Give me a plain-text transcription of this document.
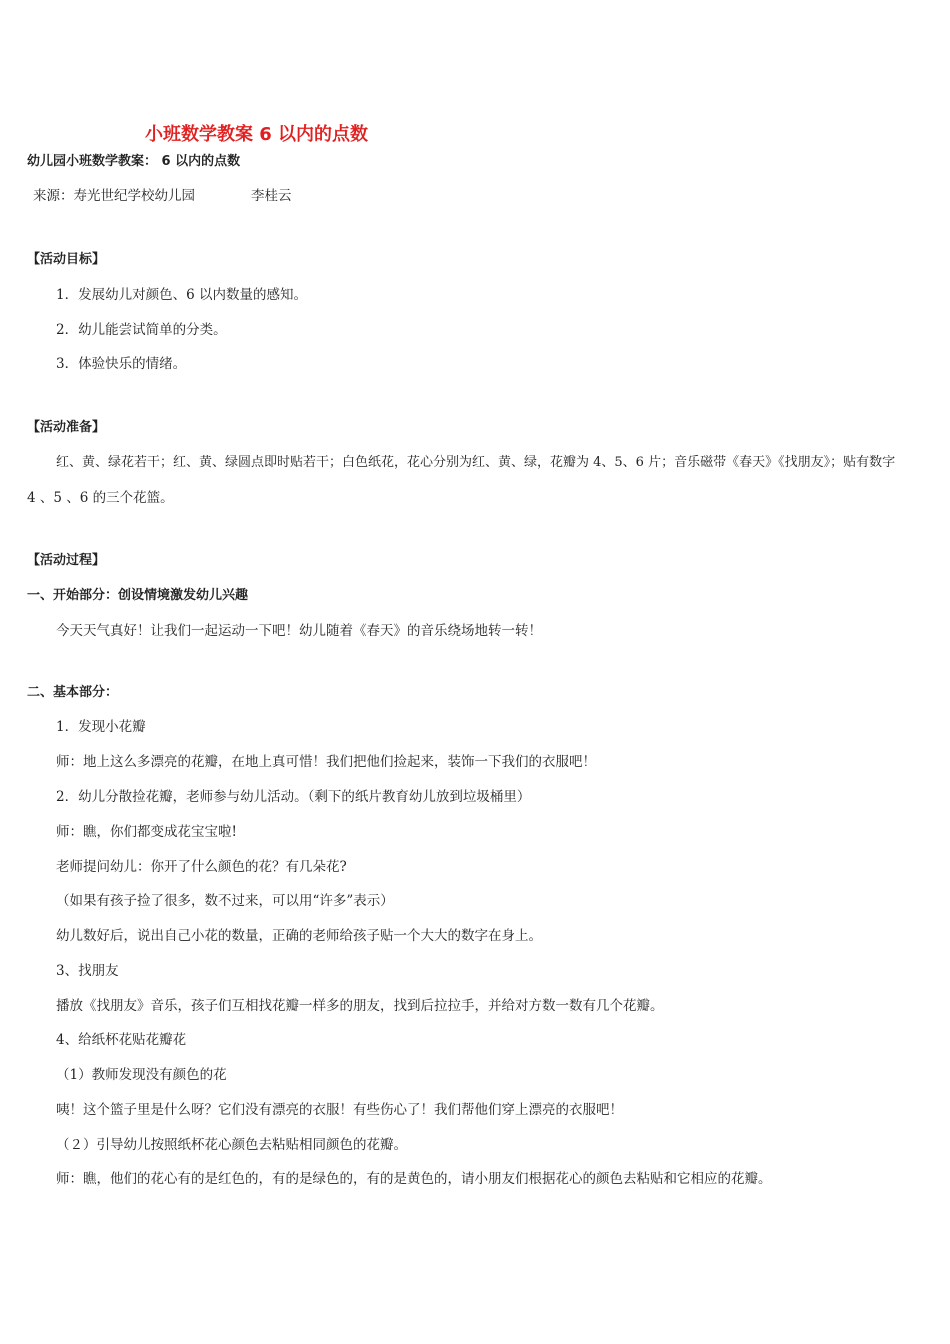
小班数学教案 6 以内的点数
幼儿园小班数学教案： 6 以内的点数
来源：寿光世纪学校幼儿园	李桂云
【活动目标】
1．发展幼儿对颜色、6 以内数量的感知。
2．幼儿能尝试简单的分类。
3．体验快乐的情绪。
【活动准备】
红、黄、绿花若干；红、黄、绿圆点即时贴若干；白色纸花，花心分别为红、黄、绿，花瓣为 4、5、6 片；音乐磁带《春天》《找朋友》；贴有数字
4 、5 、6 的三个花篮。
【活动过程】
一、开始部分：创设情境激发幼儿兴趣
今天天气真好！让我们一起运动一下吧！幼儿随着《春天》的音乐绕场地转一转！
二、基本部分：
1．发现小花瓣
师：地上这么多漂亮的花瓣，在地上真可惜！我们把他们捡起来，装饰一下我们的衣服吧！
2．幼儿分散捡花瓣，老师参与幼儿活动。（剩下的纸片教育幼儿放到垃圾桶里）
师：瞧，你们都变成花宝宝啦!
老师提问幼儿：你开了什么颜色的花？有几朵花?
（如果有孩子捡了很多，数不过来，可以用“许多”表示）
幼儿数好后，说出自己小花的数量，正确的老师给孩子贴一个大大的数字在身上。
3、找朋友
播放《找朋友》音乐，孩子们互相找花瓣一样多的朋友，找到后拉拉手，并给对方数一数有几个花瓣。
4、给纸杯花贴花瓣花
（1）教师发现没有颜色的花
咦！这个篮子里是什么呀？它们没有漂亮的衣服！有些伤心了！我们帮他们穿上漂亮的衣服吧！
（２）引导幼儿按照纸杯花心颜色去粘贴相同颜色的花瓣。
师：瞧，他们的花心有的是红色的，有的是绿色的，有的是黄色的，请小朋友们根据花心的颜色去粘贴和它相应的花瓣。
